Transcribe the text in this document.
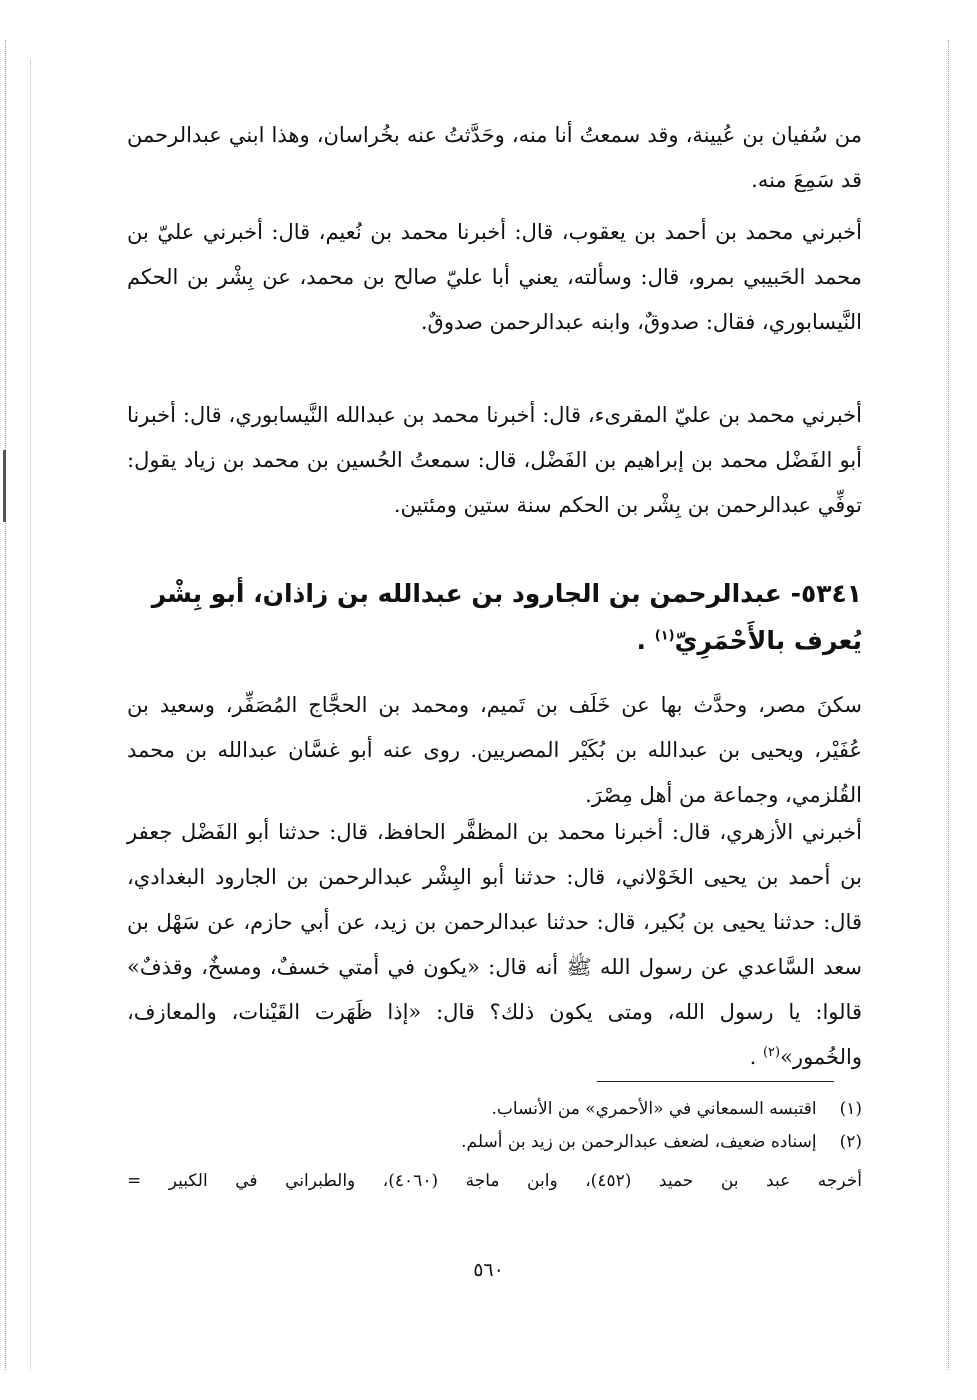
من سُفيان بن عُيينة، وقد سمعتُ أنا منه، وحَدَّثتُ عنه بخُراسان، وهذا ابني عبدالرحمن قد سَمِعَ منه.

أخبرني محمد بن أحمد بن يعقوب، قال: أخبرنا محمد بن نُعيم، قال: أخبرني عليّ بن محمد الحَبيبي بمرو، قال: وسألته، يعني أبا عليّ صالح بن محمد، عن بِشْر بن الحكم النَّيسابوري، فقال: صدوقٌ، وابنه عبدالرحمن صدوقٌ.

أخبرني محمد بن عليّ المقرىء، قال: أخبرنا محمد بن عبدالله النَّيسابوري، قال: أخبرنا أبو الفَضْل محمد بن إبراهيم بن الفَضْل، قال: سمعتُ الحُسين بن محمد بن زياد يقول: توفِّي عبدالرحمن بن بِشْر بن الحكم سنة ستين ومئتين.

٥٣٤١- عبدالرحمن بن الجارود بن عبدالله بن زاذان، أبو بِشْر يُعرف بالأَحْمَرِيّ$^{(١)}$ .

سكنَ مصر، وحدَّث بها عن خَلَف بن تَميم، ومحمد بن الحجَّاج المُصَفِّر، وسعيد بن عُفَيْر، ويحيى بن عبدالله بن بُكَيْر المصريين. روى عنه أبو غسَّان عبدالله بن محمد القُلزمي، وجماعة من أهل مِصْرَ.

أخبرني الأزهري، قال: أخبرنا محمد بن المظفَّر الحافظ، قال: حدثنا أبو الفَضْل جعفر بن أحمد بن يحيى الخَوْلاني، قال: حدثنا أبو البِشْر عبدالرحمن بن الجارود البغدادي، قال: حدثنا يحيى بن بُكير، قال: حدثنا عبدالرحمن بن زيد، عن أبي حازم، عن سَهْل بن سعد السَّاعدي عن رسول الله ﷺ أنه قال: «يكون في أمتي خسفٌ، ومسخٌ، وقذفٌ» قالوا: يا رسول الله، ومتى يكون ذلك؟ قال: «إذا ظَهَرت القَيْنات، والمعازف، والخُمور»$^{(٢)}$ .

(١) اقتبسه السمعاني في «الأحمري» من الأنساب.
(٢) إسناده ضعيف، لضعف عبدالرحمن بن زيد بن أسلم.
أخرجه عبد بن حميد (٤٥٢)، وابن ماجة (٤٠٦٠)، والطبراني في الكبير =
٥٦٠
